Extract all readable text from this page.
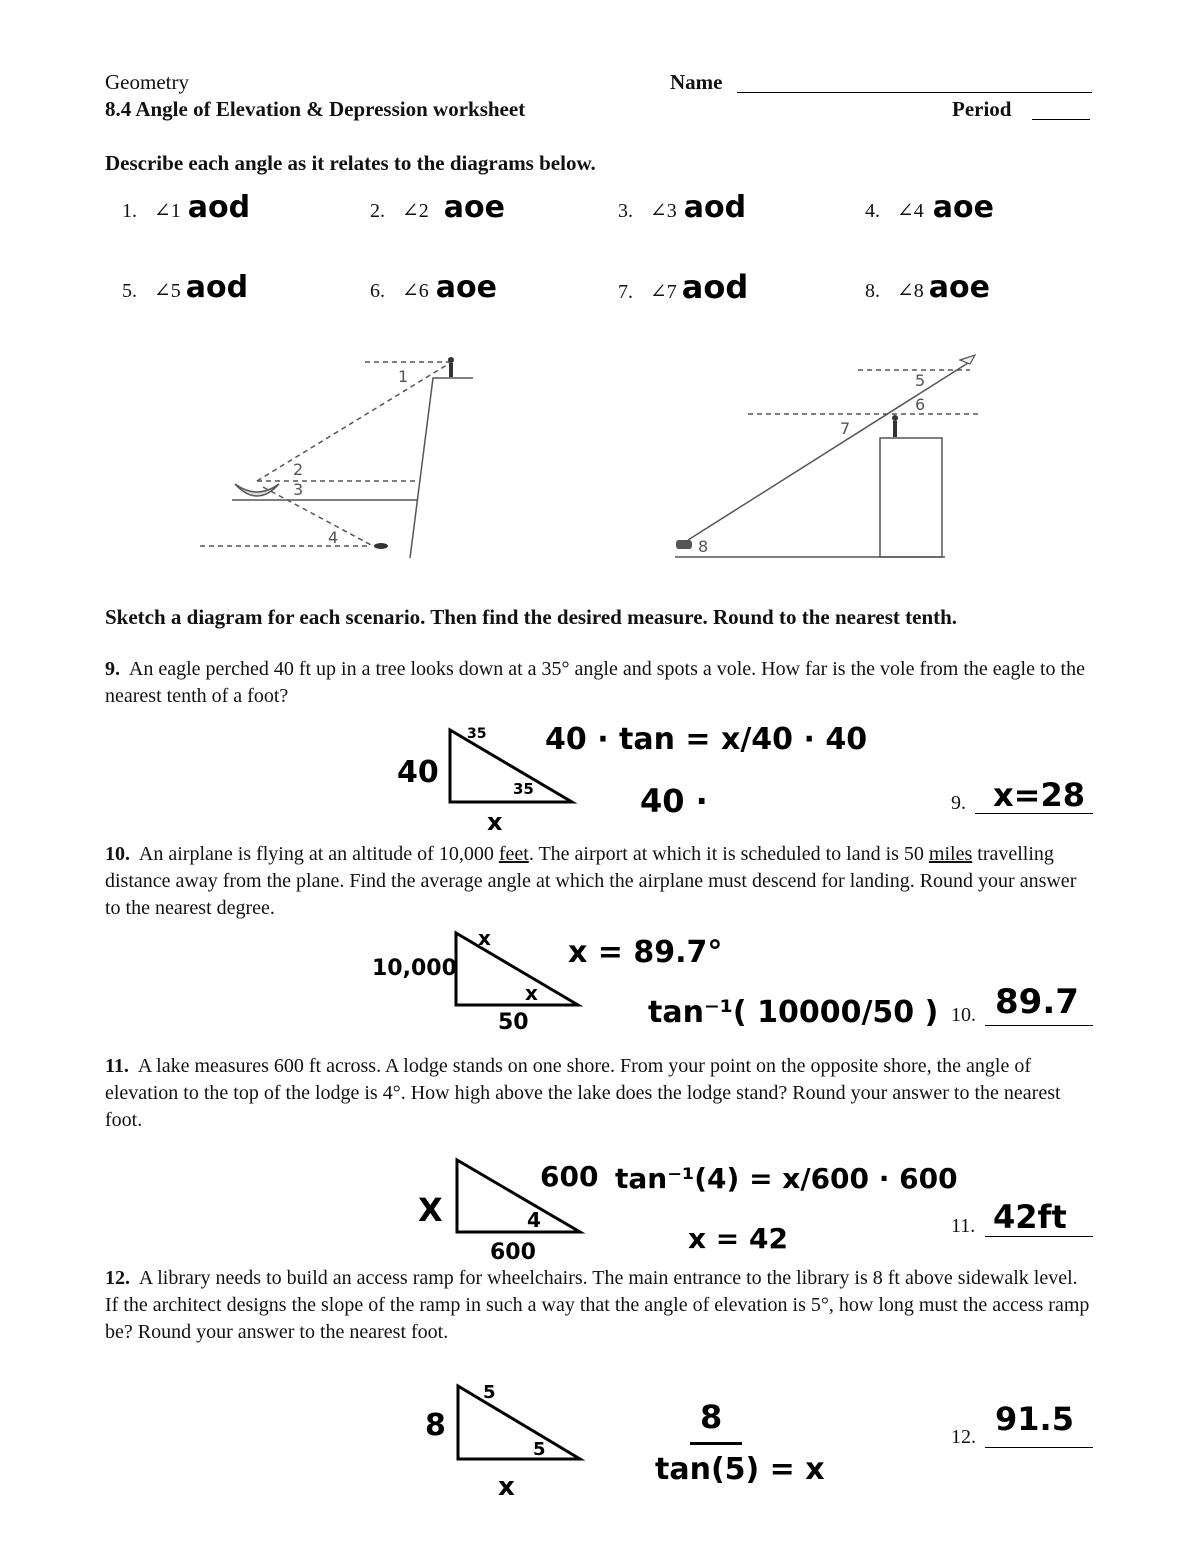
Geometry
8.4 Angle of Elevation & Depression worksheet
Name
Period
Describe each angle as it relates to the diagrams below.
1. ∠1 aod	2. ∠2 aoe	3. ∠3 aod	4. ∠4 aoe
5. ∠5 aod	6. ∠6 aoe	7. ∠7 aod	8. ∠8 aoe
1
2
3
4
5
6
7
8
Sketch a diagram for each scenario. Then find the desired measure. Round to the nearest tenth.
9. An eagle perched 40 ft up in a tree looks down at a 35° angle and spots a vole. How far is the vole from the eagle to the nearest tenth of a foot?
40
x
35
35
40 · tan = x/40 · 40
40 ·	9. x=28
10. An airplane is flying at an altitude of 10,000 feet. The airport at which it is scheduled to land is 50 miles travelling distance away from the plane. Find the average angle at which the airplane must descend for landing. Round your answer to the nearest degree.
10,000
50
x
x
x = 89.7°
tan⁻¹( 10000/50 ) 10. 89.7
11. A lake measures 600 ft across. A lodge stands on one shore. From your point on the opposite shore, the angle of elevation to the top of the lodge is 4°. How high above the lake does the lodge stand? Round your answer to the nearest foot.
X
600
4
600 tan⁻¹(4) = x/600 · 600
x = 42	11. 42ft
12. A library needs to build an access ramp for wheelchairs. The main entrance to the library is 8 ft above sidewalk level. If the architect designs the slope of the ramp in such a way that the angle of elevation is 5°, how long must the access ramp be? Round your answer to the nearest foot.
8
x
5
5
8
tan(5) = x
12. 91.5
